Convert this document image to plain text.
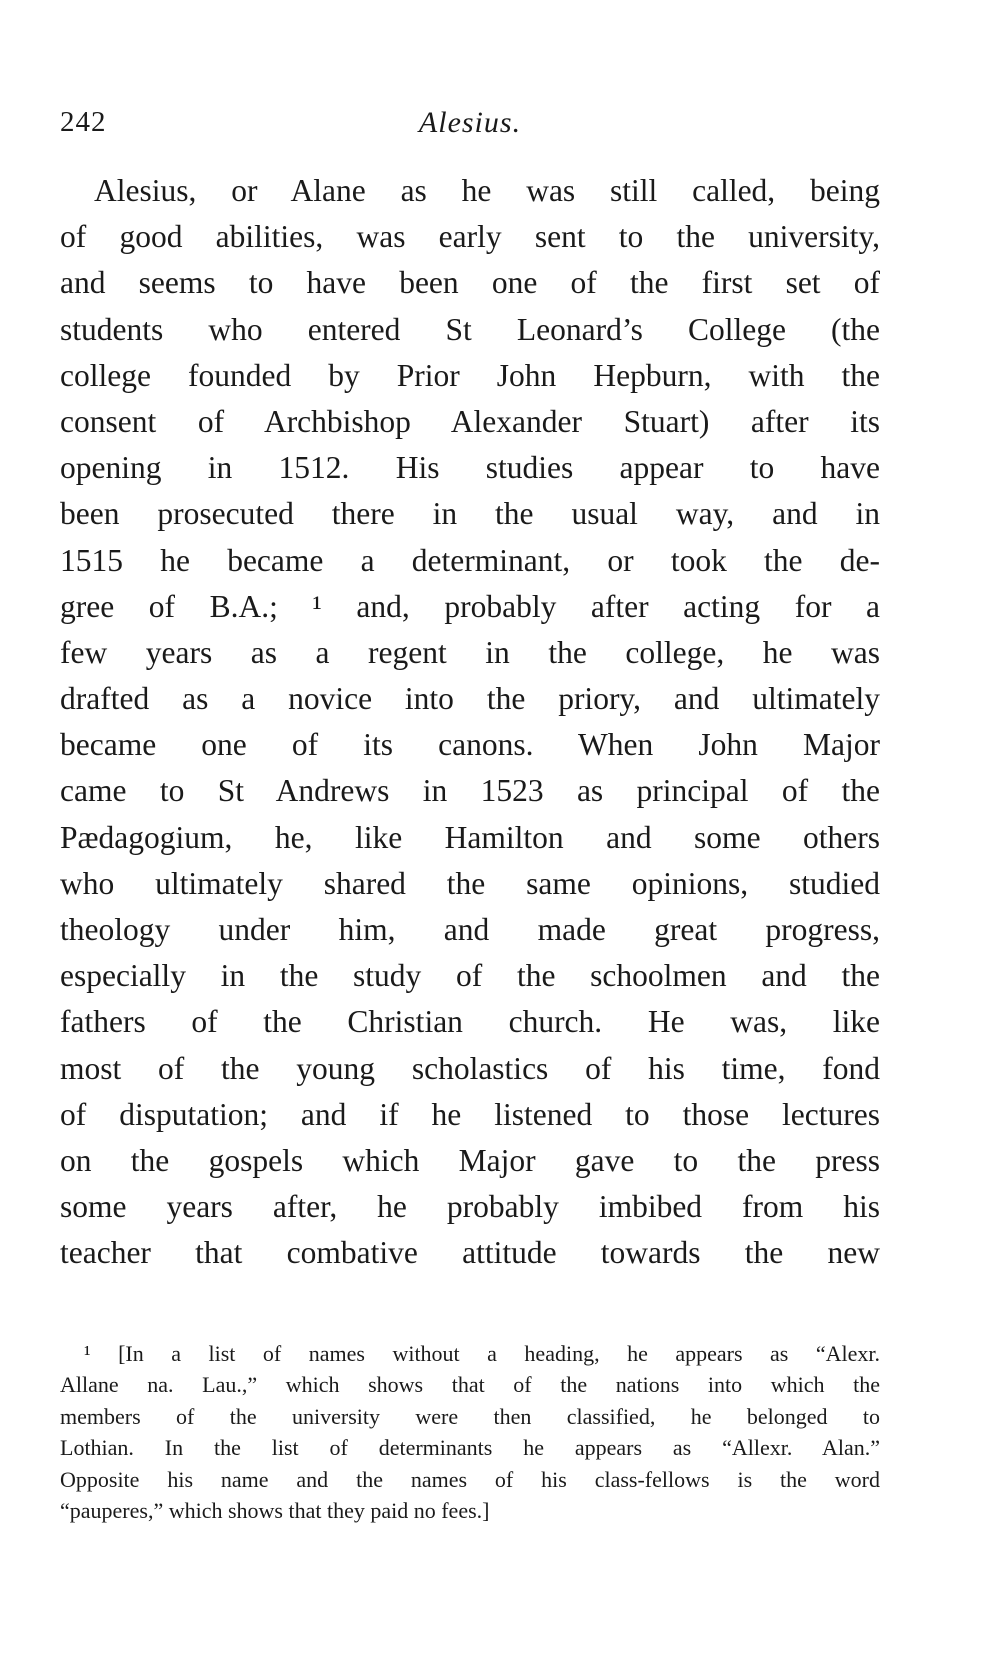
242	Alesius.
Alesius, or Alane as he was still called, being
of good abilities, was early sent to the university,
and seems to have been one of the first set of
students who entered St Leonard’s College (the
college founded by Prior John Hepburn, with the
consent of Archbishop Alexander Stuart) after its
opening in 1512. His studies appear to have
been prosecuted there in the usual way, and in
1515 he became a determinant, or took the de-
gree of B.A.; ¹ and, probably after acting for a
few years as a regent in the college, he was
drafted as a novice into the priory, and ultimately
became one of its canons. When John Major
came to St Andrews in 1523 as principal of the
Pædagogium, he, like Hamilton and some others
who ultimately shared the same opinions, studied
theology under him, and made great progress,
especially in the study of the schoolmen and the
fathers of the Christian church. He was, like
most of the young scholastics of his time, fond
of disputation; and if he listened to those lectures
on the gospels which Major gave to the press
some years after, he probably imbibed from his
teacher that combative attitude towards the new
¹ [In a list of names without a heading, he appears as “Alexr.
Allane na. Lau.,” which shows that of the nations into which the
members of the university were then classified, he belonged to
Lothian. In the list of determinants he appears as “Allexr. Alan.”
Opposite his name and the names of his class-fellows is the word
“pauperes,” which shows that they paid no fees.]
